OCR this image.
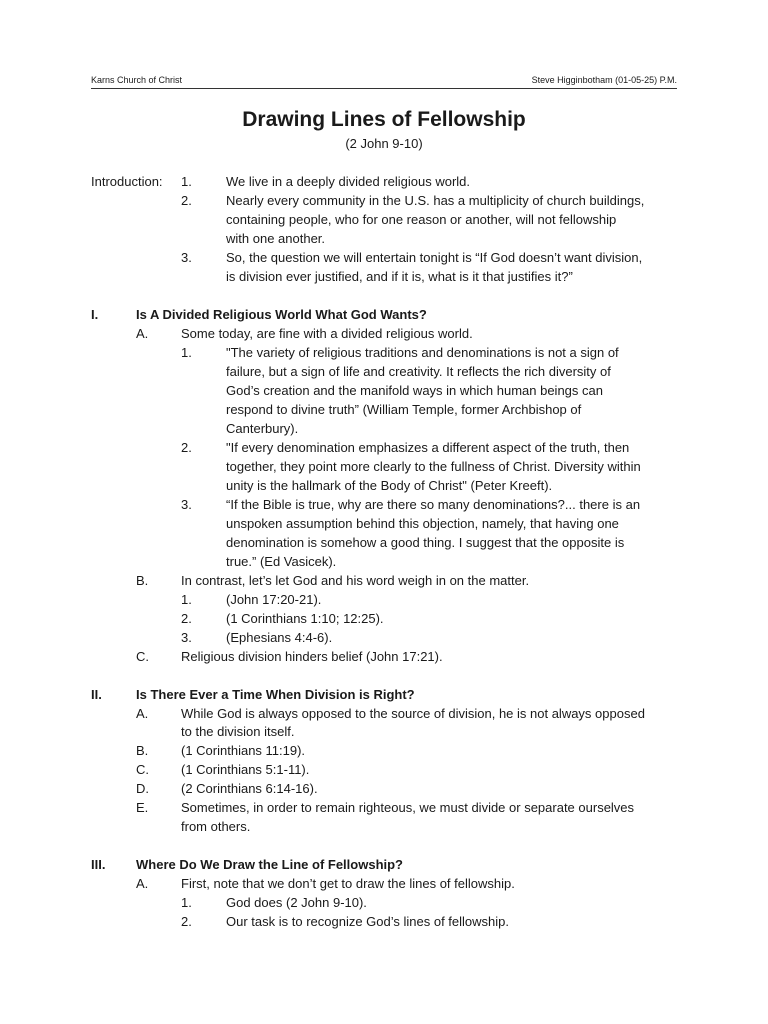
Karns Church of Christ	Steve Higginbotham (01-05-25) P.M.
Drawing Lines of Fellowship
(2 John 9-10)
Introduction: 1.	We live in a deeply divided religious world.
2.	Nearly every community in the U.S. has a multiplicity of church buildings,
containing people, who for one reason or another, will not fellowship
with one another.
3.	So, the question we will entertain tonight is “If God doesn’t want division,
is division ever justified, and if it is, what is it that justifies it?”
I.	Is A Divided Religious World What God Wants?
A.	Some today, are fine with a divided religious world.
1.	"The variety of religious traditions and denominations is not a sign of
failure, but a sign of life and creativity. It reflects the rich diversity of
God’s creation and the manifold ways in which human beings can
respond to divine truth” (William Temple, former Archbishop of
Canterbury).
2.	"If every denomination emphasizes a different aspect of the truth, then
together, they point more clearly to the fullness of Christ. Diversity within
unity is the hallmark of the Body of Christ" (Peter Kreeft).
3.	“If the Bible is true, why are there so many denominations?... there is an
unspoken assumption behind this objection, namely, that having one
denomination is somehow a good thing. I suggest that the opposite is
true.” (Ed Vasicek).
B.	In contrast, let’s let God and his word weigh in on the matter.
1.	(John 17:20-21).
2.	(1 Corinthians 1:10; 12:25).
3.	(Ephesians 4:4-6).
C. Religious division hinders belief (John 17:21).
II.	Is There Ever a Time When Division is Right?
A.	While God is always opposed to the source of division, he is not always opposed
to the division itself.
B.	(1 Corinthians 11:19).
C. (1 Corinthians 5:1-11).
D. (2 Corinthians 6:14-16).
E.	Sometimes, in order to remain righteous, we must divide or separate ourselves
from others.
III. Where Do We Draw the Line of Fellowship?
A.	First, note that we don’t get to draw the lines of fellowship.
1.	God does (2 John 9-10).
2.	Our task is to recognize God’s lines of fellowship.
